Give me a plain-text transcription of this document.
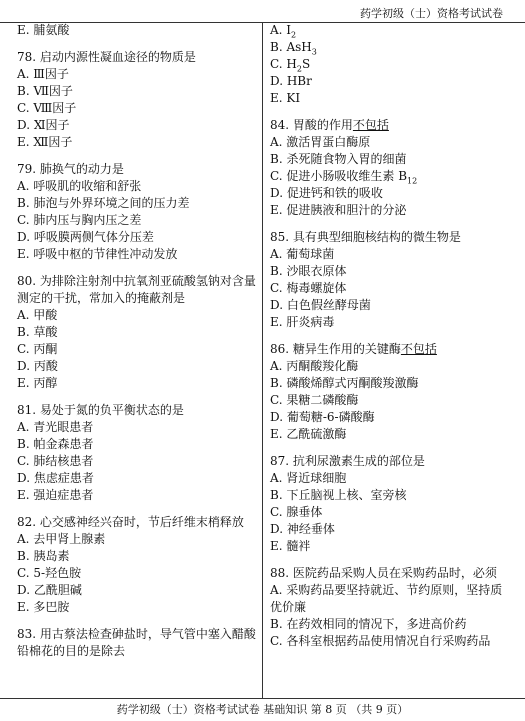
药学初级（士）资格考试试卷
E. 脯氨酸
78. 启动内源性凝血途径的物质是
A. Ⅲ因子
B. Ⅶ因子
C. Ⅷ因子
D. Ⅺ因子
E. Ⅻ因子
79. 肺换气的动力是
A. 呼吸肌的收缩和舒张
B. 肺泡与外界环境之间的压力差
C. 肺内压与胸内压之差
D. 呼吸膜两侧气体分压差
E. 呼吸中枢的节律性冲动发放
80. 为排除注射剂中抗氧剂亚硫酸氢钠对含量测定的干扰，常加入的掩蔽剂是
A. 甲酸
B. 草酸
C. 丙酮
D. 丙酸
E. 丙醇
81. 易处于氮的负平衡状态的是
A. 青光眼患者
B. 帕金森患者
C. 肺结核患者
D. 焦虑症患者
E. 强迫症患者
82. 心交感神经兴奋时，节后纤维末梢释放
A. 去甲肾上腺素
B. 胰岛素
C. 5-羟色胺
D. 乙酰胆碱
E. 多巴胺
83. 用古蔡法检查砷盐时，导气管中塞入醋酸铅棉花的目的是除去
A. $I_2$
B. AsH$_3$
C. $H_2S$
D. HBr
E. KI
84. 胃酸的作用不包括
A. 激活胃蛋白酶原
B. 杀死随食物入胃的细菌
C. 促进小肠吸收维生素 $B_{12}$
D. 促进钙和铁的吸收
E. 促进胰液和胆汁的分泌
85. 具有典型细胞核结构的微生物是
A. 葡萄球菌
B. 沙眼衣原体
C. 梅毒螺旋体
D. 白色假丝酵母菌
E. 肝炎病毒
86. 糖异生作用的关键酶不包括
A. 丙酮酸羧化酶
B. 磷酸烯醇式丙酮酸羧激酶
C. 果糖二磷酸酶
D. 葡萄糖-6-磷酸酶
E. 乙酰硫激酶
87. 抗利尿激素生成的部位是
A. 肾近球细胞
B. 下丘脑视上核、室旁核
C. 腺垂体
D. 神经垂体
E. 髓袢
88. 医院药品采购人员在采购药品时，必须
A. 采购药品要坚持就近、节约原则，坚持质优价廉
B. 在药效相同的情况下，多进高价药
C. 各科室根据药品使用情况自行采购药品
药学初级（士）资格考试试卷 基础知识 第 8 页 （共 9 页）
